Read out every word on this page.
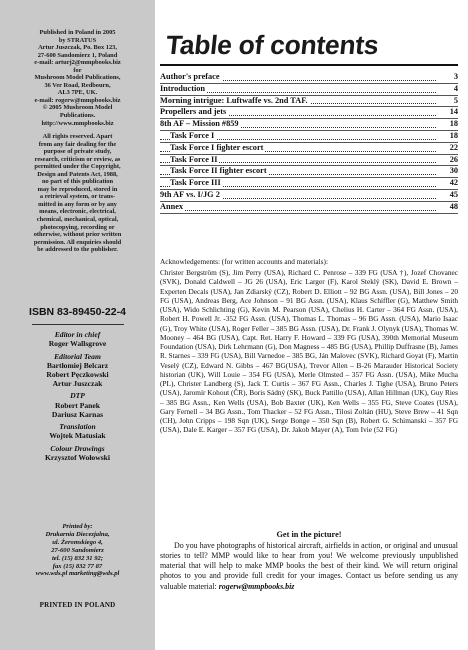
Published in Poland in 2005
by STRATUS
Artur Juszczak, Po. Box 123,
27-600 Sandomierz 1, Poland
e-mail: arturj2@mmpbooks.biz
for
Mushroom Model Publications,
36 Ver Road, Redbourn,
AL3 7PE, UK.
e-mail: rogerw@mmpbooks.biz
© 2005 Mushroom Model
Publications.
http://www.mmpbooks.biz
All rights reserved. Apart
from any fair dealing for the
purpose of private study,
research, criticism or review, as
permitted under the Copyright,
Design and Patents Act, 1988,
no part of this publication
may be reproduced, stored in
a retrieval system, or trans-
mitted in any form or by any
means, electronic, electrical,
chemical, mechanical, optical,
photocopying, recording or
otherwise, without prior written
permission. All enquiries should
be addressed to the publisher.
ISBN 83-89450-22-4
Editor in chief
Roger Wallsgrove
Editorial Team
Bartłomiej Belcarz
Robert Pęczkowski
Artur Juszczak
DTP
Robert Panek
Dariusz Karnas
Translation
Wojtek Matusiak
Colour Drawings
Krzysztof Wołowski
Printed by:
Drukarnia Diecezjalna,
ul. Żeromskiego 4,
27-600 Sandomierz
tel. (15) 832 31 92;
fax (15) 832 77 87
www.wds.pl marketing@wds.pl
PRINTED IN POLAND
Table of contents
Author's preface	3
Introduction	4
Morning intrigue: Luftwaffe vs. 2nd TAF.	5
Propellers and jets	14
8th AF – Mission #859	18
Task Force I	18
Task Force I fighter escort	22
Task Force II	26
Task Force II fighter escort	30
Task Force III	42
9th AF vs. I/JG 2	45
Annex	48
Acknowledgements: (for written accounts and materials):
Christer Bergström (S), Jim Perry (USA), Richard C. Penrose – 339 FG (USA †), Jozef Chovanec (SVK), Donald Caldwell – JG 26 (USA), Eric Larger (F), Karol Steklý (SK), David E. Brown – Experten Decals (USA), Jan Zdiarský (CZ), Robert D. Elliott – 92 BG Assn. (USA), Bill Jones – 20 FG (USA), Andreas Berg, Ace Johnson – 91 BG Assn. (USA), Klaus Schiffler (G), Matthew Smith (USA), Wido Schlichting (G), Kevin M. Pearson (USA), Chelius H. Carter – 364 FG Assn. (USA), Robert H. Powell Jr. -352 FG Assn. (USA), Thomas L. Thomas – 96 BG Assn. (USA), Mario Isaac (G), Troy White (USA), Roger Feller – 385 BG Assn. (USA), Dr. Frank J. Olynyk (USA), Thomas W. Mooney – 464 BG (USA), Capt. Ret. Harry F. Howard – 339 FG (USA), 390th Memorial Museum Foundation (USA), Dirk Lehrmann (G), Don Magness – 485 BG (USA), Phillip Duffrasne (B), James R. Starnes – 339 FG (USA), Bill Varnedoe – 385 BG, Ján Malovec (SVK), Richard Goyat (F), Martin Veselý (CZ), Edward N. Gibbs – 467 BG(USA), Trevor Allen – B-26 Marauder Historical Society historian (UK), Will Louie – 354 FG (USA), Merle Olmsted – 357 FG Assn. (USA), Mike Mucha (PL), Christer Landberg (S), Jack T. Curtis – 367 FG Assn., Charles J. Tighe (USA), Bruno Peters (USA), Jaromír Kohout (ČR), Boris Sádný (SK), Buck Pattillo (USA), Allan Hillman (UK), Guy Ries – 385 BG Assn., Ken Wells (USA), Bob Baxter (UK), Ken Wells – 355 FG, Steve Coates (USA), Gary Fernell – 34 BG Assn., Tom Thacker – 52 FG Assn., Tilosi Zoltán (HU), Steve Brew – 41 Sqn (CH), John Cripps – 198 Sqn (UK), Serge Bonge – 350 Sqn (B), Robert G. Schimanski – 357 FG (USA), Dale E. Karger – 357 FG (USA), Dr. Jakob Mayer (A), Tom Ivie (52 FG)
Get in the picture!
Do you have photographs of historical aircraft, airfields in action, or original and unusual stories to tell? MMP would like to hear from you! We welcome previously unpublished material that will help to make MMP books the best of their kind. We will return original photos to you and provide full credit for your images. Contact us before sending us any valuable material: rogerw@mmpbooks.biz
